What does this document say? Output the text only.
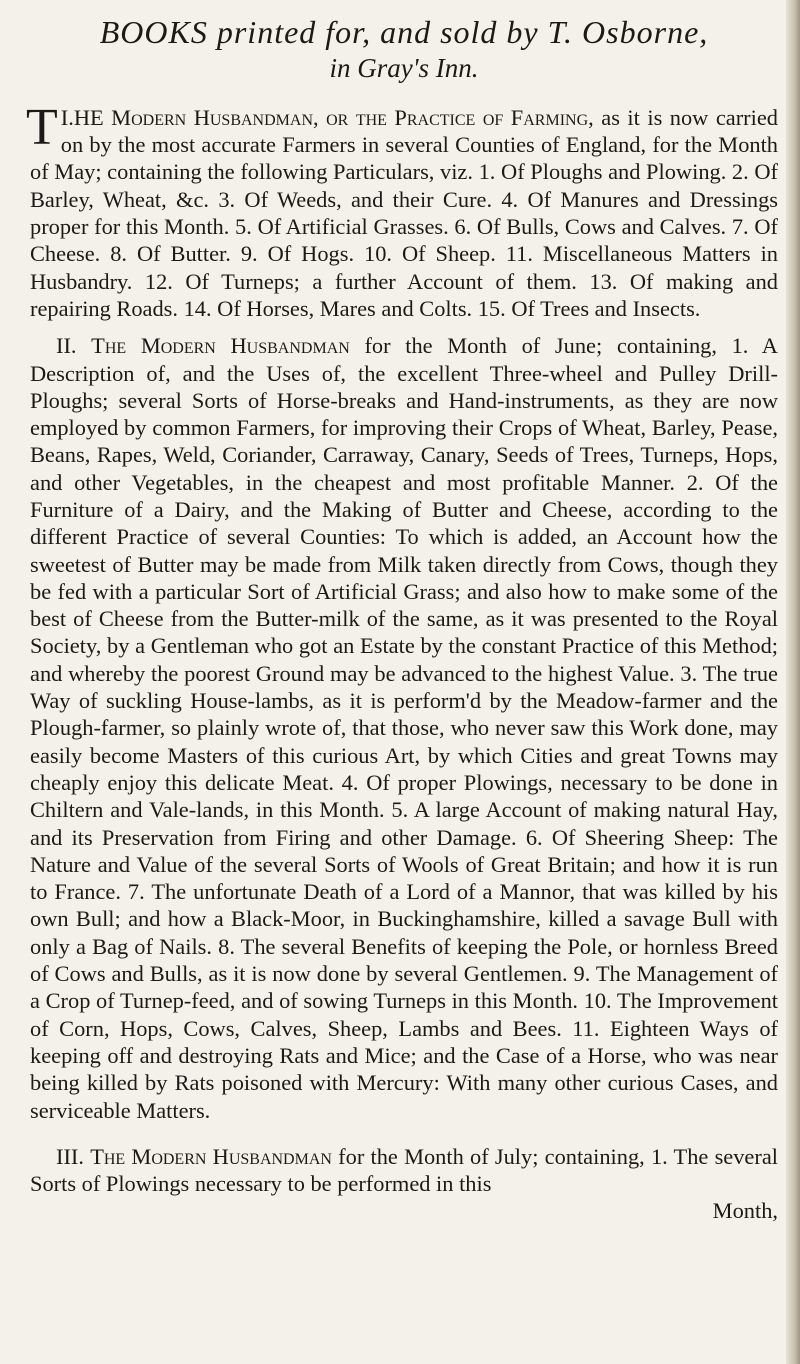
BOOKS printed for, and sold by T. Osborne,
in Gray's Inn.

I.
T HE Modern Husbandman, or the Practice of Farming, as it is now carried on by the most accurate Farmers in several Counties of England, for the Month of May; containing the following Particulars, viz. 1. Of Ploughs and Plowing. 2. Of Barley, Wheat, &c. 3. Of Weeds, and their Cure. 4. Of Manures and Dressings proper for this Month. 5. Of Artificial Grasses. 6. Of Bulls, Cows and Calves. 7. Of Cheese. 8. Of Butter. 9. Of Hogs. 10. Of Sheep. 11. Miscellaneous Matters in Husbandry. 12. Of Turneps; a further Account of them. 13. Of making and repairing Roads. 14. Of Horses, Mares and Colts. 15. Of Trees and Insects.

II. The Modern Husbandman for the Month of June; containing, 1. A Description of, and the Uses of, the excellent Three-wheel and Pulley Drill-Ploughs; several Sorts of Horse-breaks and Hand-instruments, as they are now employed by common Farmers, for improving their Crops of Wheat, Barley, Pease, Beans, Rapes, Weld, Coriander, Carraway, Canary, Seeds of Trees, Turneps, Hops, and other Vegetables, in the cheapest and most profitable Manner. 2. Of the Furniture of a Dairy, and the Making of Butter and Cheese, according to the different Practice of several Counties: To which is added, an Account how the sweetest of Butter may be made from Milk taken directly from Cows, though they be fed with a particular Sort of Artificial Grass; and also how to make some of the best of Cheese from the Butter-milk of the same, as it was presented to the Royal Society, by a Gentleman who got an Estate by the constant Practice of this Method; and whereby the poorest Ground may be advanced to the highest Value. 3. The true Way of suckling House-lambs, as it is perform'd by the Meadow-farmer and the Plough-farmer, so plainly wrote of, that those, who never saw this Work done, may easily become Masters of this curious Art, by which Cities and great Towns may cheaply enjoy this delicate Meat. 4. Of proper Plowings, necessary to be done in Chiltern and Vale-lands, in this Month. 5. A large Account of making natural Hay, and its Preservation from Firing and other Damage. 6. Of Sheering Sheep: The Nature and Value of the several Sorts of Wools of Great Britain; and how it is run to France. 7. The unfortunate Death of a Lord of a Mannor, that was killed by his own Bull; and how a Black-Moor, in Buckinghamshire, killed a savage Bull with only a Bag of Nails. 8. The several Benefits of keeping the Pole, or hornless Breed of Cows and Bulls, as it is now done by several Gentlemen. 9. The Management of a Crop of Turnep-feed, and of sowing Turneps in this Month. 10. The Improvement of Corn, Hops, Cows, Calves, Sheep, Lambs and Bees. 11. Eighteen Ways of keeping off and destroying Rats and Mice; and the Case of a Horse, who was near being killed by Rats poisoned with Mercury: With many other curious Cases, and serviceable Matters.

III. The Modern Husbandman for the Month of July; containing, 1. The several Sorts of Plowings necessary to be performed in this

Month,
